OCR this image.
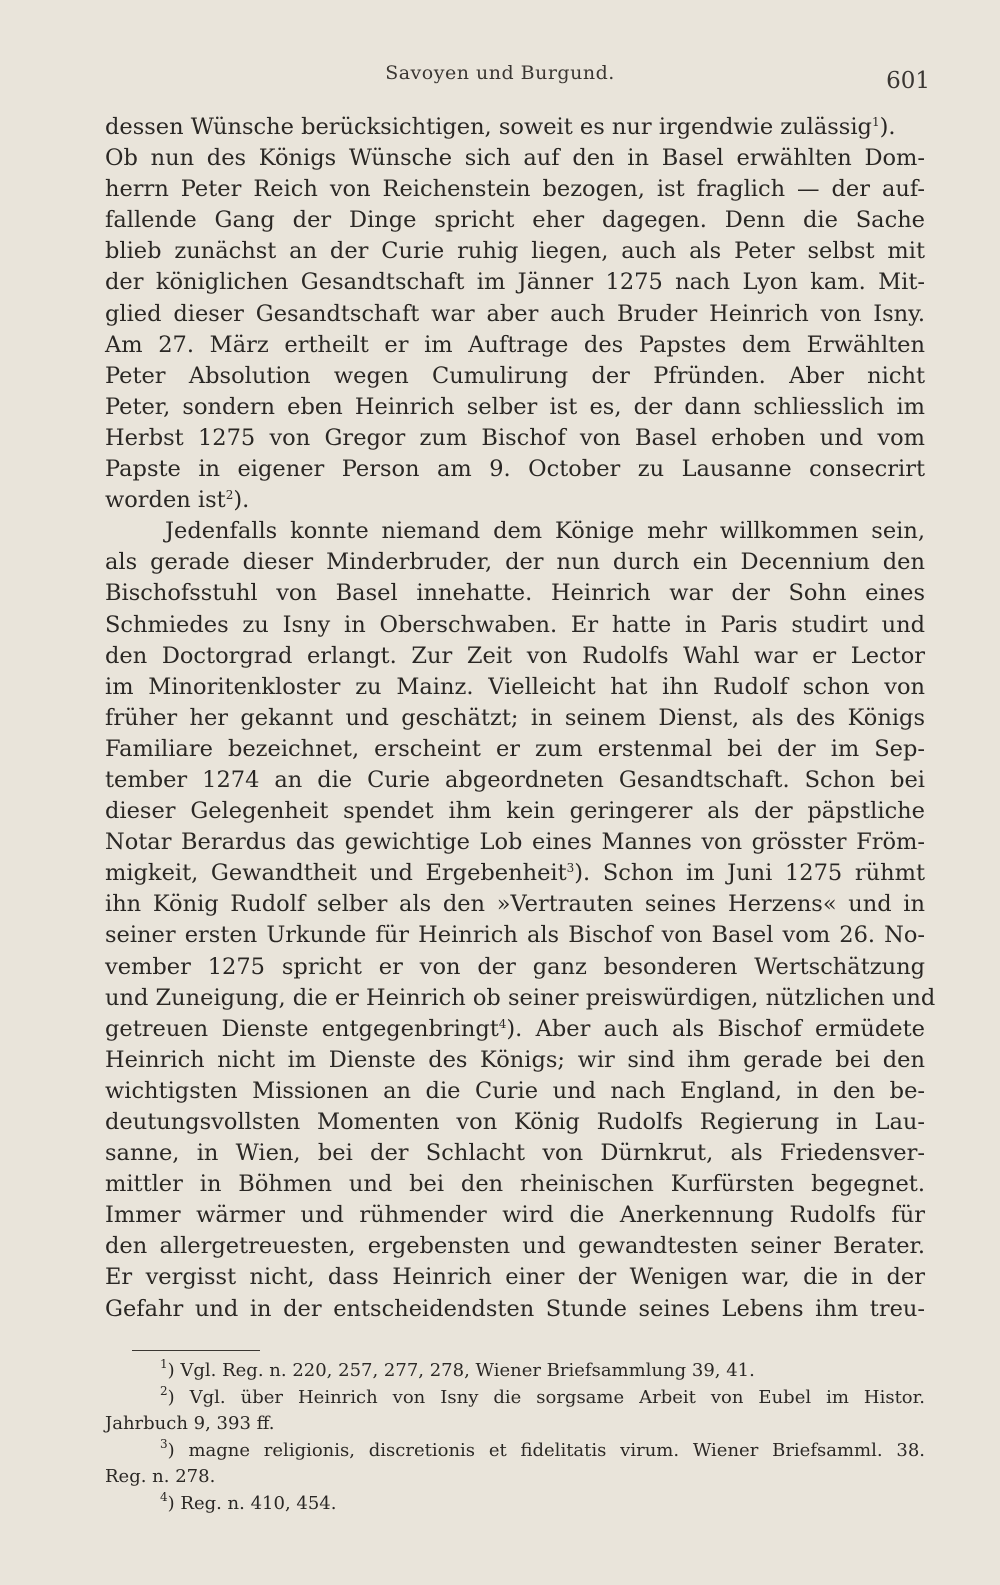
Savoyen und Burgund.	601
dessen Wünsche berücksichtigen, soweit es nur irgendwie zulässig$^1$).
Ob nun des Königs Wünsche sich auf den in Basel erwählten Dom-
herrn Peter Reich von Reichenstein bezogen, ist fraglich — der auf-
fallende Gang der Dinge spricht eher dagegen. Denn die Sache
blieb zunächst an der Curie ruhig liegen, auch als Peter selbst mit
der königlichen Gesandtschaft im Jänner 1275 nach Lyon kam. Mit-
glied dieser Gesandtschaft war aber auch Bruder Heinrich von Isny.
Am 27. März ertheilt er im Auftrage des Papstes dem Erwählten
Peter Absolution wegen Cumulirung der Pfründen. Aber nicht
Peter, sondern eben Heinrich selber ist es, der dann schliesslich im
Herbst 1275 von Gregor zum Bischof von Basel erhoben und vom
Papste in eigener Person am 9. October zu Lausanne consecrirt
worden ist$^2$).
Jedenfalls konnte niemand dem Könige mehr willkommen sein,
als gerade dieser Minderbruder, der nun durch ein Decennium den
Bischofsstuhl von Basel innehatte. Heinrich war der Sohn eines
Schmiedes zu Isny in Oberschwaben. Er hatte in Paris studirt und
den Doctorgrad erlangt. Zur Zeit von Rudolfs Wahl war er Lector
im Minoritenkloster zu Mainz. Vielleicht hat ihn Rudolf schon von
früher her gekannt und geschätzt; in seinem Dienst, als des Königs
Familiare bezeichnet, erscheint er zum erstenmal bei der im Sep-
tember 1274 an die Curie abgeordneten Gesandtschaft. Schon bei
dieser Gelegenheit spendet ihm kein geringerer als der päpstliche
Notar Berardus das gewichtige Lob eines Mannes von grösster Fröm-
migkeit, Gewandtheit und Ergebenheit$^3$). Schon im Juni 1275 rühmt
ihn König Rudolf selber als den »Vertrauten seines Herzens« und in
seiner ersten Urkunde für Heinrich als Bischof von Basel vom 26. No-
vember 1275 spricht er von der ganz besonderen Wertschätzung
und Zuneigung, die er Heinrich ob seiner preiswürdigen, nützlichen und
getreuen Dienste entgegenbringt$^4$). Aber auch als Bischof ermüdete
Heinrich nicht im Dienste des Königs; wir sind ihm gerade bei den
wichtigsten Missionen an die Curie und nach England, in den be-
deutungsvollsten Momenten von König Rudolfs Regierung in Lau-
sanne, in Wien, bei der Schlacht von Dürnkrut, als Friedensver-
mittler in Böhmen und bei den rheinischen Kurfürsten begegnet.
Immer wärmer und rühmender wird die Anerkennung Rudolfs für
den allergetreuesten, ergebensten und gewandtesten seiner Berater.
Er vergisst nicht, dass Heinrich einer der Wenigen war, die in der
Gefahr und in der entscheidendsten Stunde seines Lebens ihm treu-
$^1$) Vgl. Reg. n. 220, 257, 277, 278, Wiener Briefsammlung 39, 41.
$^2$) Vgl. über Heinrich von Isny die sorgsame Arbeit von Eubel im Histor.
Jahrbuch 9, 393 ff.
$^3$) magne religionis, discretionis et fidelitatis virum. Wiener Briefsamml. 38.
Reg. n. 278.
$^4$) Reg. n. 410, 454.
